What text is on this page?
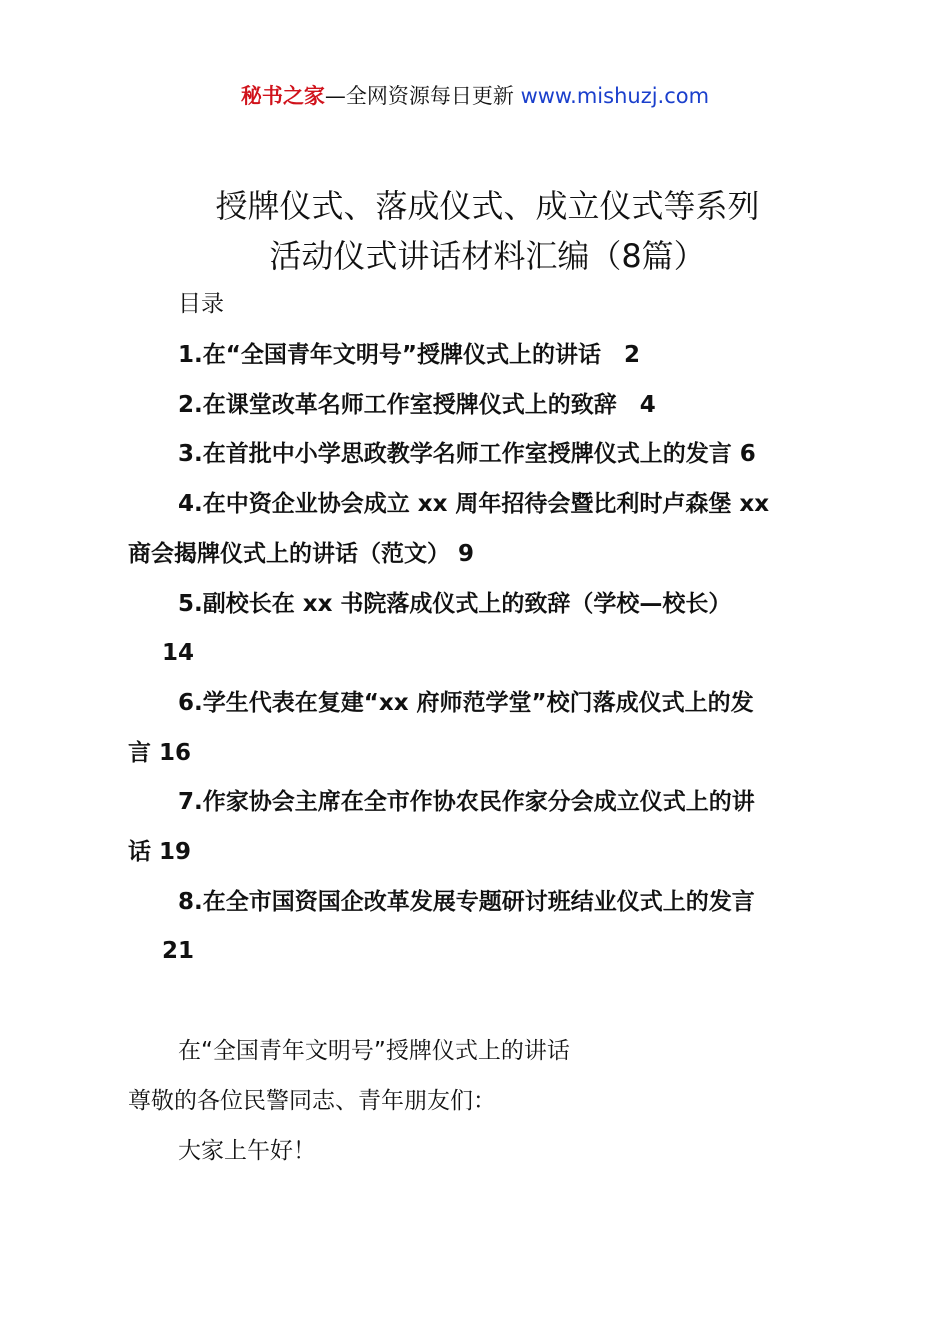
秘书之家—全网资源每日更新 www.mishuzj.com
授牌仪式、落成仪式、成立仪式等系列
活动仪式讲话材料汇编（8篇）
目录
1.在“全国青年文明号”授牌仪式上的讲话　2
2.在课堂改革名师工作室授牌仪式上的致辞　4
3.在首批中小学思政教学名师工作室授牌仪式上的发言 6
4.在中资企业协会成立 xx 周年招待会暨比利时卢森堡 xx
商会揭牌仪式上的讲话（范文） 9
5.副校长在 xx 书院落成仪式上的致辞（学校—校长）
14
6.学生代表在复建“xx 府师范学堂”校门落成仪式上的发
言 16
7.作家协会主席在全市作协农民作家分会成立仪式上的讲
话 19
8.在全市国资国企改革发展专题研讨班结业仪式上的发言
21
在“全国青年文明号”授牌仪式上的讲话
尊敬的各位民警同志、青年朋友们：
大家上午好！
